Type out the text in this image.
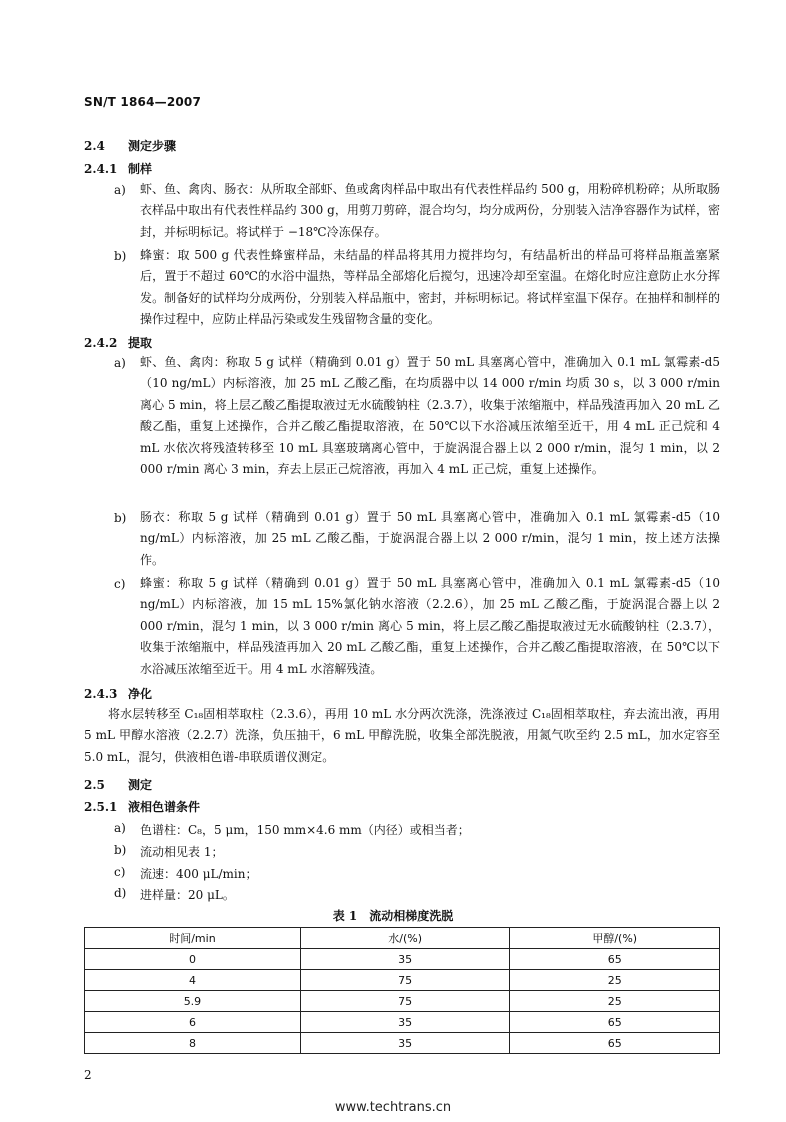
SN/T 1864—2007
2.4 测定步骤
2.4.1 制样
a) 虾、鱼、禽肉、肠衣：从所取全部虾、鱼或禽肉样品中取出有代表性样品约 500 g，用粉碎机粉碎；从所取肠衣样品中取出有代表性样品约 300 g，用剪刀剪碎，混合均匀，均分成两份，分别装入洁净容器作为试样，密封，并标明标记。将试样于 −18℃冷冻保存。
b) 蜂蜜：取 500 g 代表性蜂蜜样品，未结晶的样品将其用力搅拌均匀，有结晶析出的样品可将样品瓶盖塞紧后，置于不超过 60℃的水浴中温热，等样品全部熔化后搅匀，迅速冷却至室温。在熔化时应注意防止水分挥发。制备好的试样均分成两份，分别装入样品瓶中，密封，并标明标记。将试样室温下保存。在抽样和制样的操作过程中，应防止样品污染或发生残留物含量的变化。
2.4.2 提取
a) 虾、鱼、禽肉：称取 5 g 试样（精确到 0.01 g）置于 50 mL 具塞离心管中，准确加入 0.1 mL 氯霉素-d5（10 ng/mL）内标溶液，加 25 mL 乙酸乙酯，在均质器中以 14 000 r/min 均质 30 s，以 3 000 r/min离心 5 min，将上层乙酸乙酯提取液过无水硫酸钠柱（2.3.7），收集于浓缩瓶中，样品残渣再加入 20 mL 乙酸乙酯，重复上述操作，合并乙酸乙酯提取溶液，在 50℃以下水浴减压浓缩至近干，用 4 mL 正己烷和 4 mL 水依次将残渣转移至 10 mL 具塞玻璃离心管中，于旋涡混合器上以 2 000 r/min，混匀 1 min，以 2 000 r/min 离心 3 min，弃去上层正己烷溶液，再加入 4 mL 正己烷，重复上述操作。
b) 肠衣：称取 5 g 试样（精确到 0.01 g）置于 50 mL 具塞离心管中，准确加入 0.1 mL 氯霉素-d5（10 ng/mL）内标溶液，加 25 mL 乙酸乙酯，于旋涡混合器上以 2 000 r/min，混匀 1 min，按上述方法操作。
c) 蜂蜜：称取 5 g 试样（精确到 0.01 g）置于 50 mL 具塞离心管中，准确加入 0.1 mL 氯霉素-d5（10 ng/mL）内标溶液，加 15 mL 15%氯化钠水溶液（2.2.6），加 25 mL 乙酸乙酯，于旋涡混合器上以 2 000 r/min，混匀 1 min，以 3 000 r/min 离心 5 min，将上层乙酸乙酯提取液过无水硫酸钠柱（2.3.7），收集于浓缩瓶中，样品残渣再加入 20 mL 乙酸乙酯，重复上述操作，合并乙酸乙酯提取溶液，在 50℃以下水浴减压浓缩至近干。用 4 mL 水溶解残渣。
2.4.3 净化
将水层转移至 C₁₈固相萃取柱（2.3.6），再用 10 mL 水分两次洗涤，洗涤液过 C₁₈固相萃取柱，弃去流出液，再用 5 mL 甲醇水溶液（2.2.7）洗涤，负压抽干，6 mL 甲醇洗脱，收集全部洗脱液，用氮气吹至约 2.5 mL，加水定容至 5.0 mL，混匀，供液相色谱-串联质谱仪测定。
2.5 测定
2.5.1 液相色谱条件
a) 色谱柱：C₈，5 μm，150 mm×4.6 mm（内径）或相当者；
b) 流动相见表 1；
c) 流速：400 μL/min；
d) 进样量：20 μL。
表 1　流动相梯度洗脱
时间/min	水/(%)	甲醇/(%)
0	35	65
4	75	25
5.9	75	25
6	35	65
8	35	65
2
www.techtrans.cn
